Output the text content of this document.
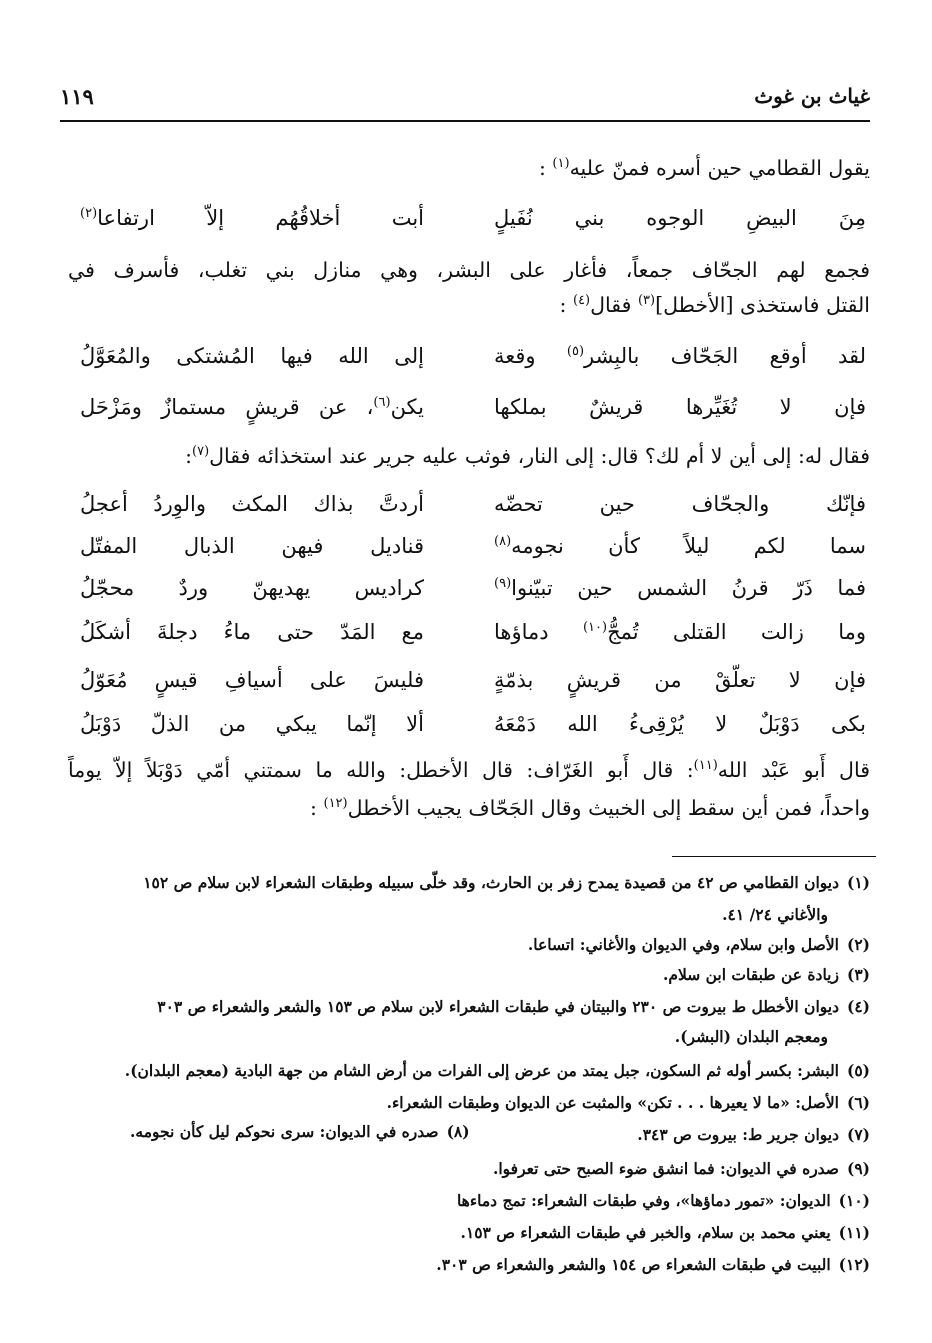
غياث بن غوث
١١٩
يقول القطامي حين أسره فمنّ عليه$^{(١)}$ :
مِنَ البيضِ الوجوه بني نُفَيلٍ
أبت أخلاقُهُم إلاّ ارتفاعا$^{(٢)}$
فجمع لهم الجحّاف جمعاً، فأغار على البشر، وهي منازل بني تغلب، فأسرف في
القتل فاستخذى [الأخطل]$^{(٣)}$ فقال$^{(٤)}$ :
لقد أوقع الجَحّاف بالبِشر$^{(٥)}$ وقعة
إلى الله فيها المُشتكى والمُعَوَّلُ
فإن لا تُغَيِّرها قريشٌ بملكها
يكن$^{(٦)}$، عن قريشٍ مستمازٌ ومَزْحَل
فقال له: إلى أين لا أم لك؟ قال: إلى النار، فوثب عليه جرير عند استخذائه فقال$^{(٧)}$:
فإنّك والجحّاف حين تحضّه
أردتَّ بذاك المكث والوِردُ أعجلُ
سما لكم ليلاً كأن نجومه$^{(٨)}$
قناديل فيهن الذبال المفتّل
فما ذَرّ قرنُ الشمس حين تبيّنوا$^{(٩)}$
كراديس يهديهنّ وردٌ محجّلُ
وما زالت القتلى تُمجُّ$^{(١٠)}$ دماؤها
مع المَدّ حتى ماءُ دجلةَ أشكَلُ
فإن لا تعلّقْ من قريشٍ بذمّةٍ
فليسَ على أسيافِ قيسٍ مُعَوّلُ
بكى دَوْبَلٌ لا يُرْقِىءُ الله دَمْعَهُ
ألا إنّما يبكي من الذلّ دَوْبَلُ
قال أَبو عَبْد الله$^{(١١)}$: قال أَبو الغَرّاف: قال الأخطل: والله ما سمتني أمّي دَوْبَلاً إلاّ يوماً
واحداً، فمن أين سقط إلى الخبيث وقال الجَحّاف يجيب الأخطل$^{(١٢)}$ :
(١)ديوان القطامي ص ٤٢ من قصيدة يمدح زفر بن الحارث، وقد خلّى سبيله وطبقات الشعراء لابن سلام ص ١٥٢
والأغاني ٢٤/ ٤١.
(٢)الأصل وابن سلام، وفي الديوان والأغاني: اتساعا.
(٣)زيادة عن طبقات ابن سلام.
(٤)ديوان الأخطل ط بيروت ص ٢٣٠ والبيتان في طبقات الشعراء لابن سلام ص ١٥٣ والشعر والشعراء ص ٣٠٣
ومعجم البلدان (البشر).
(٥)البشر: بكسر أوله ثم السكون، جبل يمتد من عرض إلى الفرات من أرض الشام من جهة البادية (معجم البلدان).
(٦)الأصل: «ما لا يعيرها . . . تكن» والمثبت عن الديوان وطبقات الشعراء.
(٧)ديوان جرير ط: بيروت ص ٣٤٣.
(٨)صدره في الديوان: سرى نحوكم ليل كأن نجومه.
(٩)صدره في الديوان: فما انشق ضوء الصبح حتى تعرفوا.
(١٠)الديوان: «تمور دماؤها»، وفي طبقات الشعراء: تمج دماءها
(١١)يعني محمد بن سلام، والخبر في طبقات الشعراء ص ١٥٣.
(١٢)البيت في طبقات الشعراء ص ١٥٤ والشعر والشعراء ص ٣٠٣.
